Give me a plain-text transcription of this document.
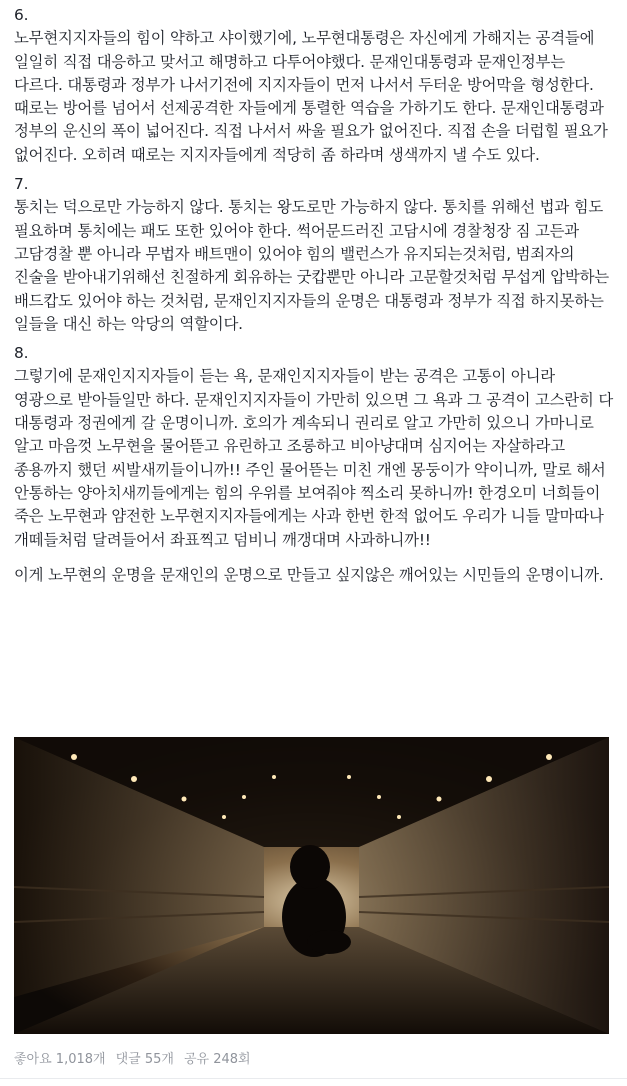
6.
노무현지지자들의 힘이 약하고 샤이했기에, 노무현대통령은 자신에게 가해지는 공격들에 일일히 직접 대응하고 맞서고 해명하고 다투어야했다. 문재인대통령과 문재인정부는 다르다. 대통령과 정부가 나서기전에 지지자들이 먼저 나서서 두터운 방어막을 형성한다. 때로는 방어를 넘어서 선제공격한 자들에게 통렬한 역습을 가하기도 한다. 문재인대통령과 정부의 운신의 폭이 넓어진다. 직접 나서서 싸울 필요가 없어진다. 직접 손을 더럽힐 필요가 없어진다. 오히려 때로는 지지자들에게 적당히 좀 하라며 생색까지 낼 수도 있다.
7.
통치는 덕으로만 가능하지 않다. 통치는 왕도로만 가능하지 않다. 통치를 위해선 법과 힘도 필요하며 통치에는 패도 또한 있어야 한다. 썩어문드러진 고담시에 경찰청장 짐 고든과 고담경찰 뿐 아니라 무법자 배트맨이 있어야 힘의 밸런스가 유지되는것처럼, 범죄자의 진술을 받아내기위해선 친절하게 회유하는 굿캅뿐만 아니라 고문할것처럼 무섭게 압박하는 배드캅도 있어야 하는 것처럼, 문재인지지자들의 운명은 대통령과 정부가 직접 하지못하는 일들을 대신 하는 악당의 역할이다.
8.
그렇기에 문재인지지자들이 듣는 욕, 문재인지지자들이 받는 공격은 고통이 아니라 영광으로 받아들일만 하다. 문재인지지자들이 가만히 있으면 그 욕과 그 공격이 고스란히 다 대통령과 정권에게 갈 운명이니까. 호의가 계속되니 권리로 알고 가만히 있으니 가마니로 알고 마음껏 노무현을 물어뜯고 유린하고 조롱하고 비아냥대며 심지어는 자살하라고 종용까지 했던 씨발새끼들이니까!! 주인 물어뜯는 미친 개엔 몽둥이가 약이니까, 말로 해서 안통하는 양아치새끼들에게는 힘의 우위를 보여줘야 찍소리 못하니까! 한경오미 너희들이 죽은 노무현과 얌전한 노무현지지자들에게는 사과 한번 한적 없어도 우리가 니들 말마따나 개떼들처럼 달려들어서 좌표찍고 덤비니 깨갱대며 사과하니까!!
이게 노무현의 운명을 문재인의 운명으로 만들고 싶지않은 깨어있는 시민들의 운명이니까.
좋아요 1,018개 댓글 55개 공유 248회
